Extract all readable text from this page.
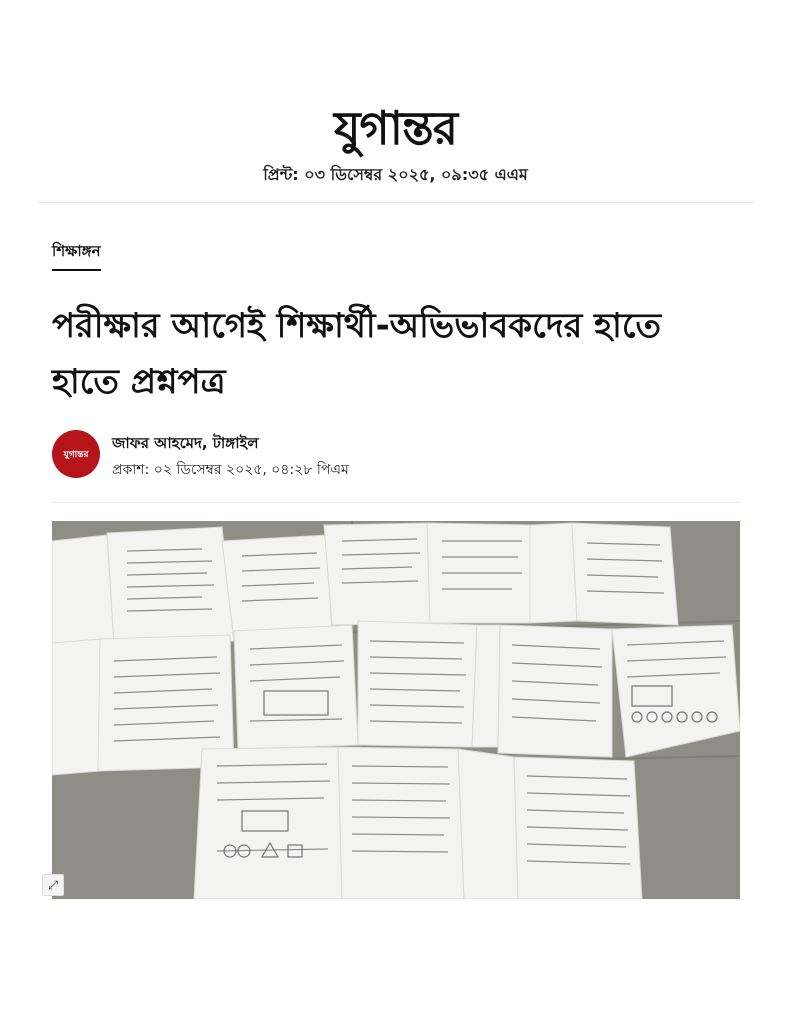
যুগান্তর
প্রিন্ট: ০৩ ডিসেম্বর ২০২৫, ০৯:৩৫ এএম
শিক্ষাঙ্গন
পরীক্ষার আগেই শিক্ষার্থী-অভিভাবকদের হাতে হাতে প্রশ্নপত্র
যুগান্তর
জাফর আহমেদ, টাঙ্গাইল
প্রকাশ: ০২ ডিসেম্বর ২০২৫, ০৪:২৮ পিএম
⤢
